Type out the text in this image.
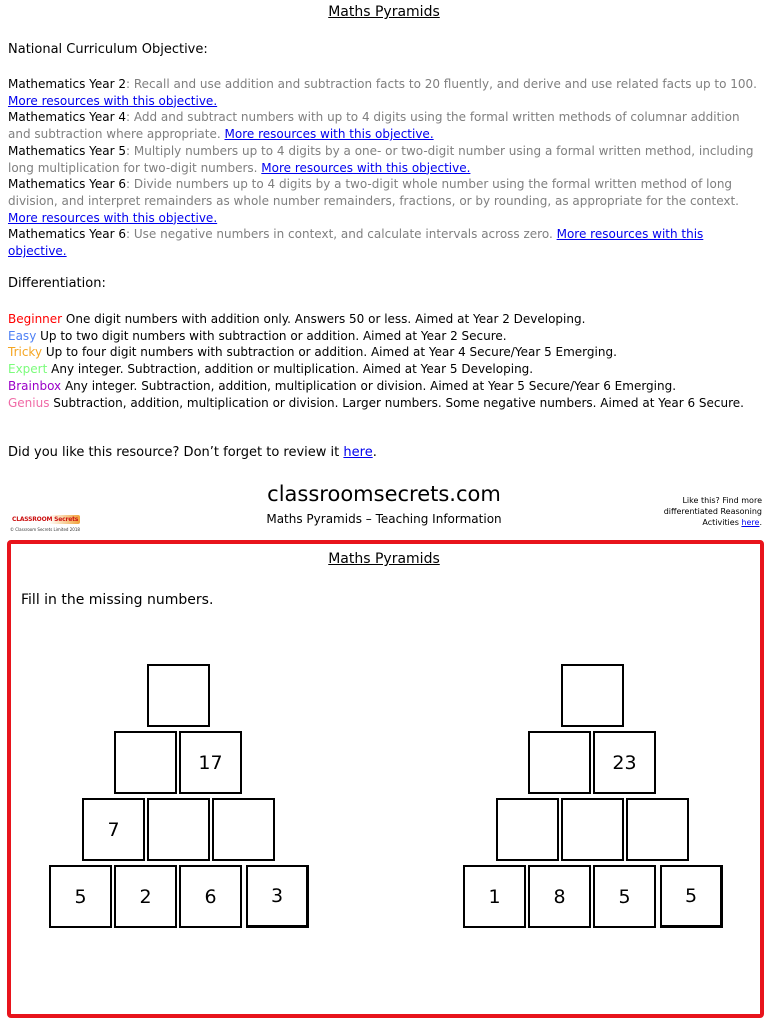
Maths Pyramids
National Curriculum Objective:
Mathematics Year 2: Recall and use addition and subtraction facts to 20 fluently, and derive and use related facts up to 100. More resources with this objective.
Mathematics Year 4: Add and subtract numbers with up to 4 digits using the formal written methods of columnar addition and subtraction where appropriate. More resources with this objective.
Mathematics Year 5: Multiply numbers up to 4 digits by a one- or two-digit number using a formal written method, including long multiplication for two-digit numbers. More resources with this objective.
Mathematics Year 6: Divide numbers up to 4 digits by a two-digit whole number using the formal written method of long division, and interpret remainders as whole number remainders, fractions, or by rounding, as appropriate for the context. More resources with this objective.
Mathematics Year 6: Use negative numbers in context, and calculate intervals across zero. More resources with this objective.
Differentiation:
Beginner One digit numbers with addition only. Answers 50 or less. Aimed at Year 2 Developing.
Easy Up to two digit numbers with subtraction or addition. Aimed at Year 2 Secure.
Tricky Up to four digit numbers with subtraction or addition. Aimed at Year 4 Secure/Year 5 Emerging.
Expert Any integer. Subtraction, addition or multiplication. Aimed at Year 5 Developing.
Brainbox Any integer. Subtraction, addition, multiplication or division. Aimed at Year 5 Secure/Year 6 Emerging.
Genius Subtraction, addition, multiplication or division. Larger numbers. Some negative numbers. Aimed at Year 6 Secure.
Did you like this resource? Don’t forget to review it here.
CLASSROOM Secrets
© Classroom Secrets Limited 2018
classroomsecrets.com
Maths Pyramids – Teaching Information
Like this? Find more
differentiated Reasoning
Activities here.
Maths Pyramids
Fill in the missing numbers.
17
7
5	2	6	3
23
1	8	5	5
